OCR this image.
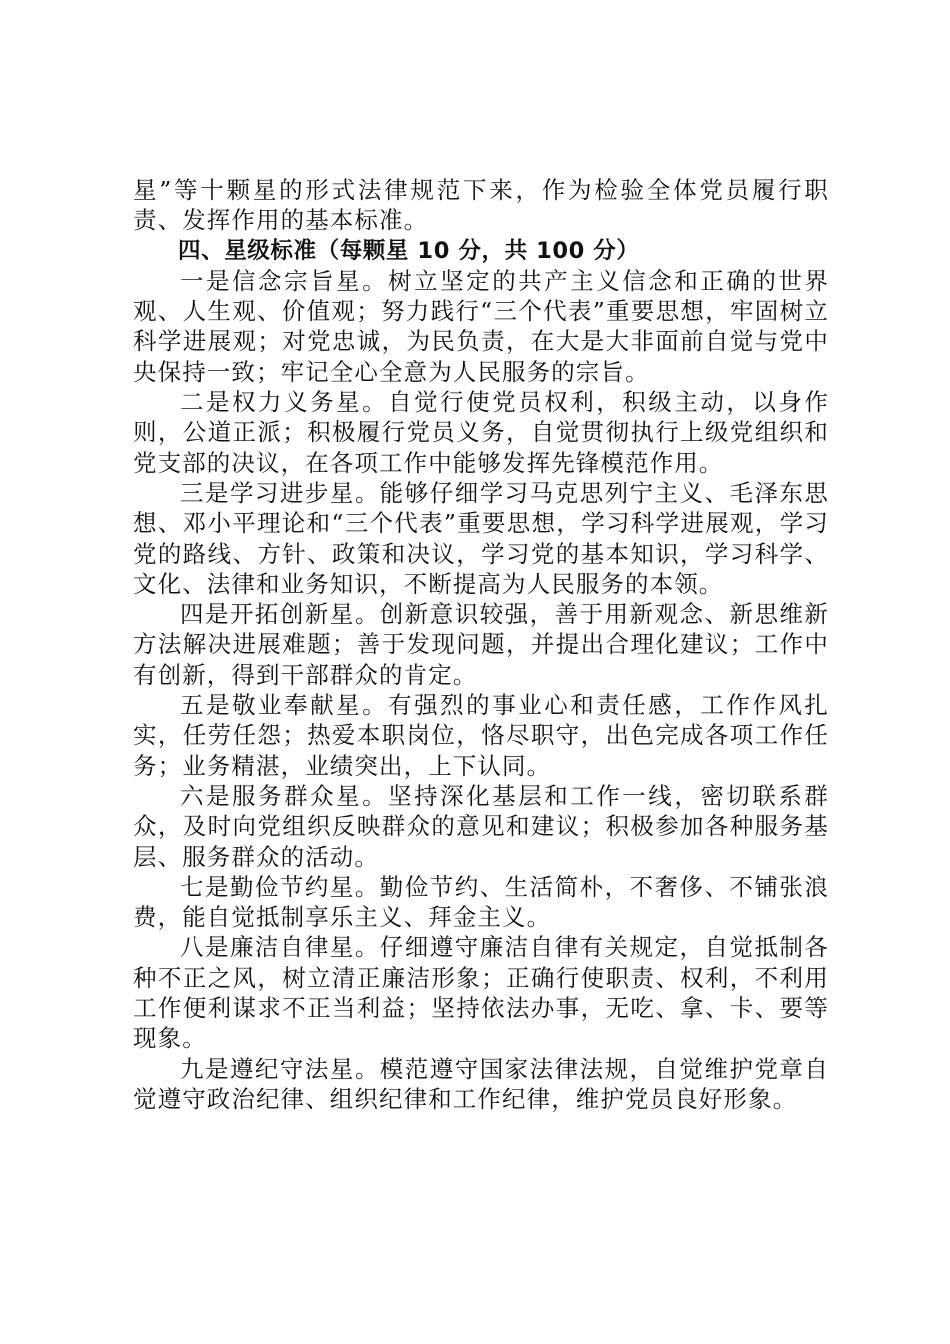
星”等十颗星的形式法律规范下来，作为检验全体党员履行职责、发挥作用的基本标准。

四、星级标准（每颗星 10 分，共 100 分）

一是信念宗旨星。树立坚定的共产主义信念和正确的世界观、人生观、价值观；努力践行“三个代表”重要思想，牢固树立科学进展观；对党忠诚，为民负责，在大是大非面前自觉与党中央保持一致；牢记全心全意为人民服务的宗旨。

二是权力义务星。自觉行使党员权利，积级主动，以身作则，公道正派；积极履行党员义务，自觉贯彻执行上级党组织和党支部的决议，在各项工作中能够发挥先锋模范作用。

三是学习进步星。能够仔细学习马克思列宁主义、毛泽东思想、邓小平理论和“三个代表”重要思想，学习科学进展观，学习党的路线、方针、政策和决议，学习党的基本知识，学习科学、文化、法律和业务知识，不断提高为人民服务的本领。

四是开拓创新星。创新意识较强，善于用新观念、新思维新方法解决进展难题；善于发现问题，并提出合理化建议；工作中有创新，得到干部群众的肯定。

五是敬业奉献星。有强烈的事业心和责任感，工作作风扎实，任劳任怨；热爱本职岗位，恪尽职守，出色完成各项工作任务；业务精湛，业绩突出，上下认同。

六是服务群众星。坚持深化基层和工作一线，密切联系群众，及时向党组织反映群众的意见和建议；积极参加各种服务基层、服务群众的活动。

七是勤俭节约星。勤俭节约、生活简朴，不奢侈、不铺张浪费，能自觉抵制享乐主义、拜金主义。

八是廉洁自律星。仔细遵守廉洁自律有关规定，自觉抵制各种不正之风，树立清正廉洁形象；正确行使职责、权利，不利用工作便利谋求不正当利益；坚持依法办事，无吃、拿、卡、要等现象。

九是遵纪守法星。模范遵守国家法律法规，自觉维护党章自觉遵守政治纪律、组织纪律和工作纪律，维护党员良好形象。
